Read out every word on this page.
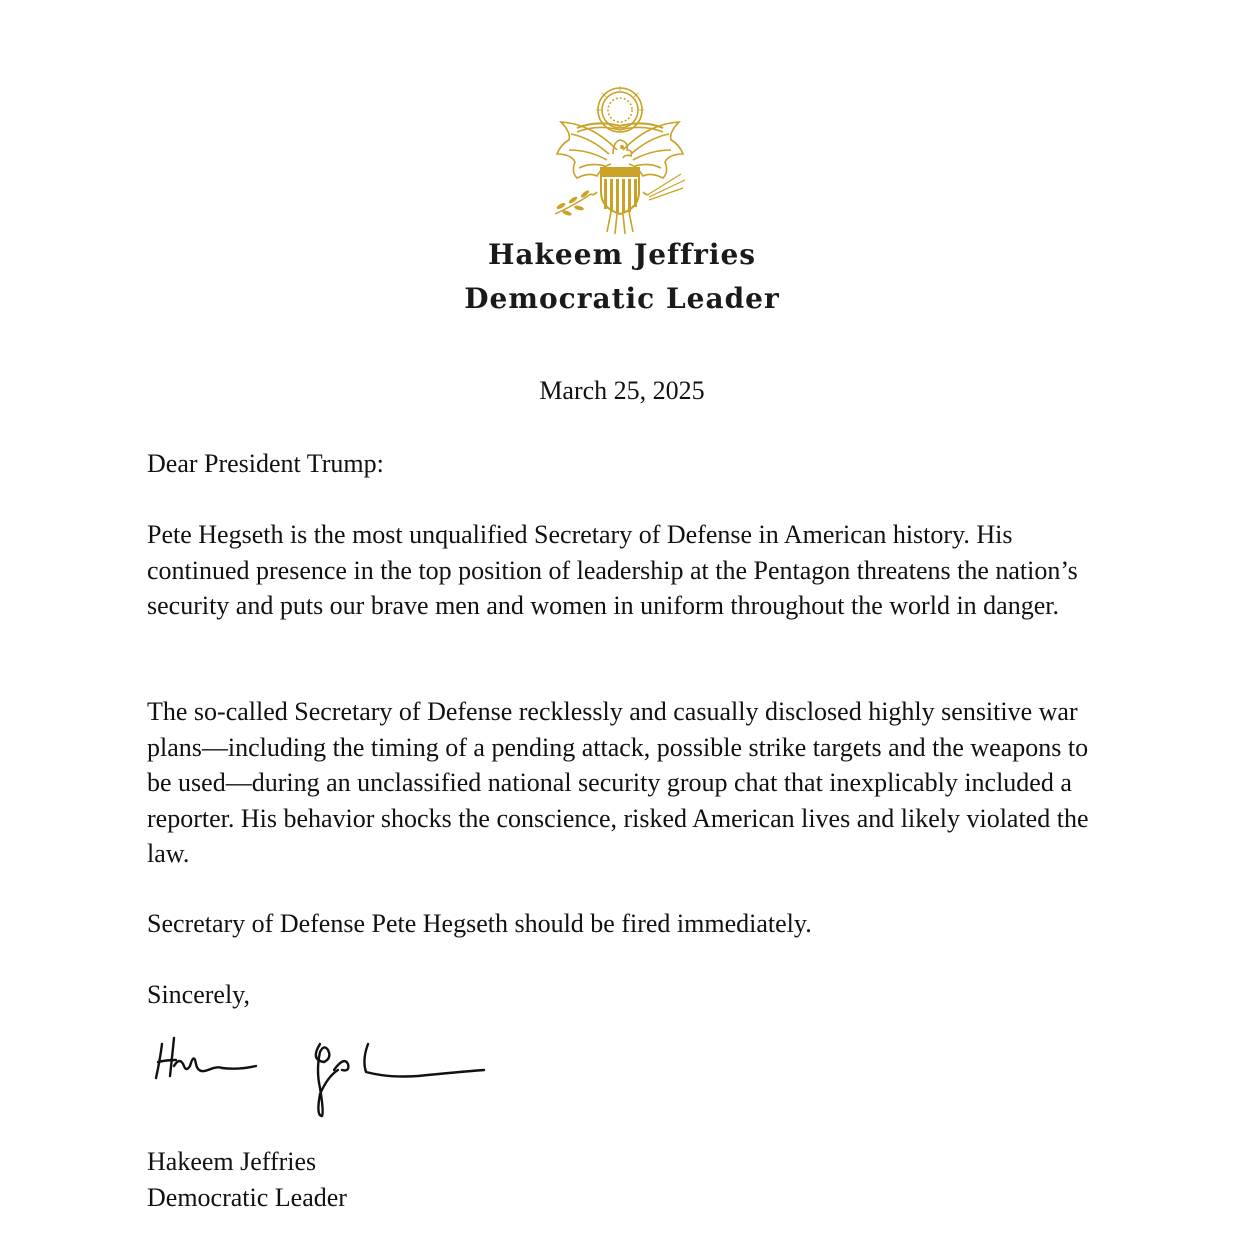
Hakeem Jeffries
Democratic Leader
March 25, 2025
Dear President Trump:
Pete Hegseth is the most unqualified Secretary of Defense in American history. His continued presence in the top position of leadership at the Pentagon threatens the nation’s security and puts our brave men and women in uniform throughout the world in danger.
The so-called Secretary of Defense recklessly and casually disclosed highly sensitive war plans—including the timing of a pending attack, possible strike targets and the weapons to be used—during an unclassified national security group chat that inexplicably included a reporter. His behavior shocks the conscience, risked American lives and likely violated the law.
Secretary of Defense Pete Hegseth should be fired immediately.
Sincerely,
Hakeem Jeffries
Democratic Leader
